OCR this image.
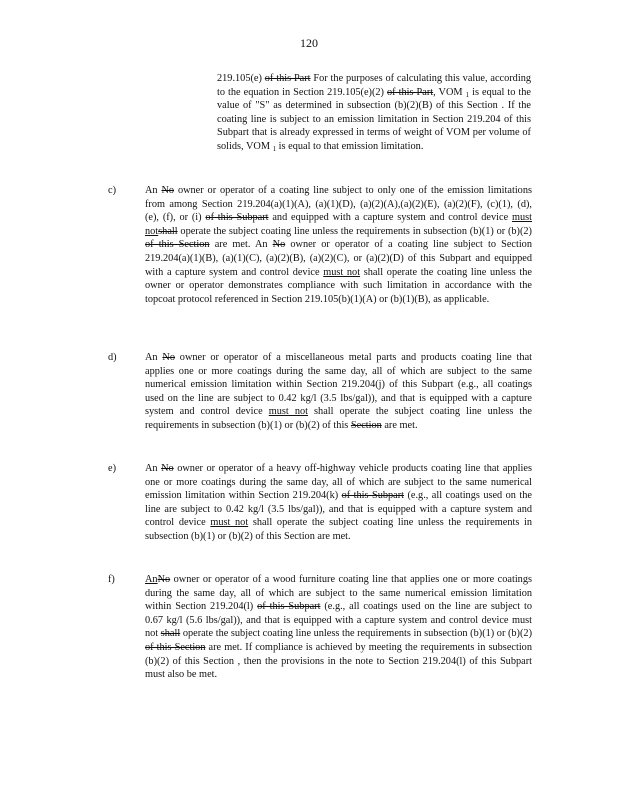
120
219.105(e) of this Part For the purposes of calculating this value, according to the equation in Section 219.105(e)(2) of this Part, VOM $_1$ is equal to the value of "S" as determined in subsection (b)(2)(B) of this Section . If the coating line is subject to an emission limitation in Section 219.204 of this Subpart that is already expressed in terms of weight of VOM per volume of solids, VOM $_1$ is equal to that emission limitation.
c)	An No owner or operator of a coating line subject to only one of the emission limitations from among Section 219.204(a)(1)(A), (a)(1)(D), (a)(2)(A),(a)(2)(E), (a)(2)(F), (c)(1), (d), (e), (f), or (i) of this Subpart and equipped with a capture system and control device must notshall operate the subject coating line unless the requirements in subsection (b)(1) or (b)(2) of this Section are met. An No owner or operator of a coating line subject to Section 219.204(a)(1)(B), (a)(1)(C), (a)(2)(B), (a)(2)(C), or (a)(2)(D) of this Subpart and equipped with a capture system and control device must not shall operate the coating line unless the owner or operator demonstrates compliance with such limitation in accordance with the topcoat protocol referenced in Section 219.105(b)(1)(A) or (b)(1)(B), as applicable.
d)	An No owner or operator of a miscellaneous metal parts and products coating line that applies one or more coatings during the same day, all of which are subject to the same numerical emission limitation within Section 219.204(j) of this Subpart (e.g., all coatings used on the line are subject to 0.42 kg/l (3.5 lbs/gal)), and that is equipped with a capture system and control device must not shall operate the subject coating line unless the requirements in subsection (b)(1) or (b)(2) of this Section are met.
e)	An No owner or operator of a heavy off-highway vehicle products coating line that applies one or more coatings during the same day, all of which are subject to the same numerical emission limitation within Section 219.204(k) of this Subpart (e.g., all coatings used on the line are subject to 0.42 kg/l (3.5 lbs/gal)), and that is equipped with a capture system and control device must not shall operate the subject coating line unless the requirements in subsection (b)(1) or (b)(2) of this Section are met.
f)	AnNo owner or operator of a wood furniture coating line that applies one or more coatings during the same day, all of which are subject to the same numerical emission limitation within Section 219.204(l) of this Subpart (e.g., all coatings used on the line are subject to 0.67 kg/l (5.6 lbs/gal)), and that is equipped with a capture system and control device must not shall operate the subject coating line unless the requirements in subsection (b)(1) or (b)(2) of this Section are met. If compliance is achieved by meeting the requirements in subsection (b)(2) of this Section , then the provisions in the note to Section 219.204(l) of this Subpart must also be met.
